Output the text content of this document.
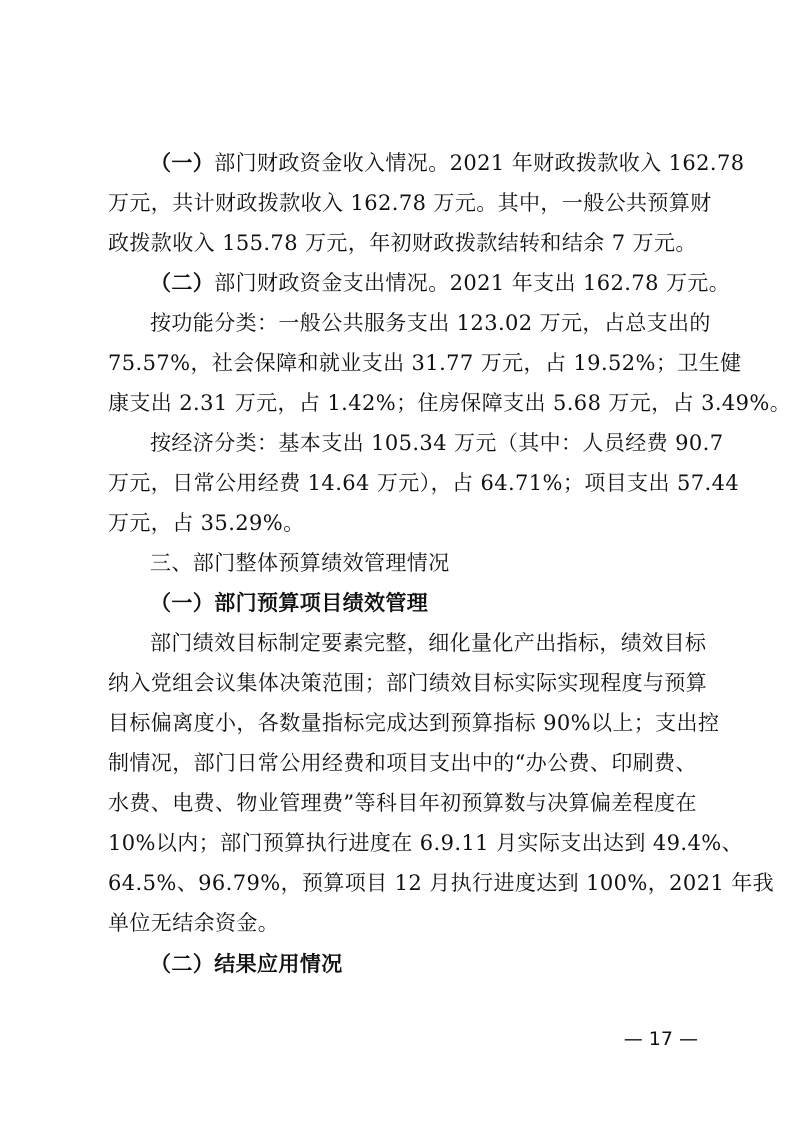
（一）部门财政资金收入情况。2021 年财政拨款收入 162.78
万元，共计财政拨款收入 162.78 万元。其中，一般公共预算财
政拨款收入 155.78 万元，年初财政拨款结转和结余 7 万元。
（二）部门财政资金支出情况。2021 年支出 162.78 万元。
按功能分类：一般公共服务支出 123.02 万元，占总支出的
75.57%，社会保障和就业支出 31.77 万元，占 19.52%；卫生健
康支出 2.31 万元，占 1.42%；住房保障支出 5.68 万元，占 3.49%。
按经济分类：基本支出 105.34 万元（其中：人员经费 90.7
万元，日常公用经费 14.64 万元），占 64.71%；项目支出 57.44
万元，占 35.29%。
三、部门整体预算绩效管理情况
（一）部门预算项目绩效管理
部门绩效目标制定要素完整，细化量化产出指标，绩效目标
纳入党组会议集体决策范围；部门绩效目标实际实现程度与预算
目标偏离度小，各数量指标完成达到预算指标 90%以上；支出控
制情况，部门日常公用经费和项目支出中的“办公费、印刷费、
水费、电费、物业管理费”等科目年初预算数与决算偏差程度在
10%以内；部门预算执行进度在 6.9.11 月实际支出达到 49.4%、
64.5%、96.79%，预算项目 12 月执行进度达到 100%，2021 年我
单位无结余资金。
（二）结果应用情况
— 17 —
